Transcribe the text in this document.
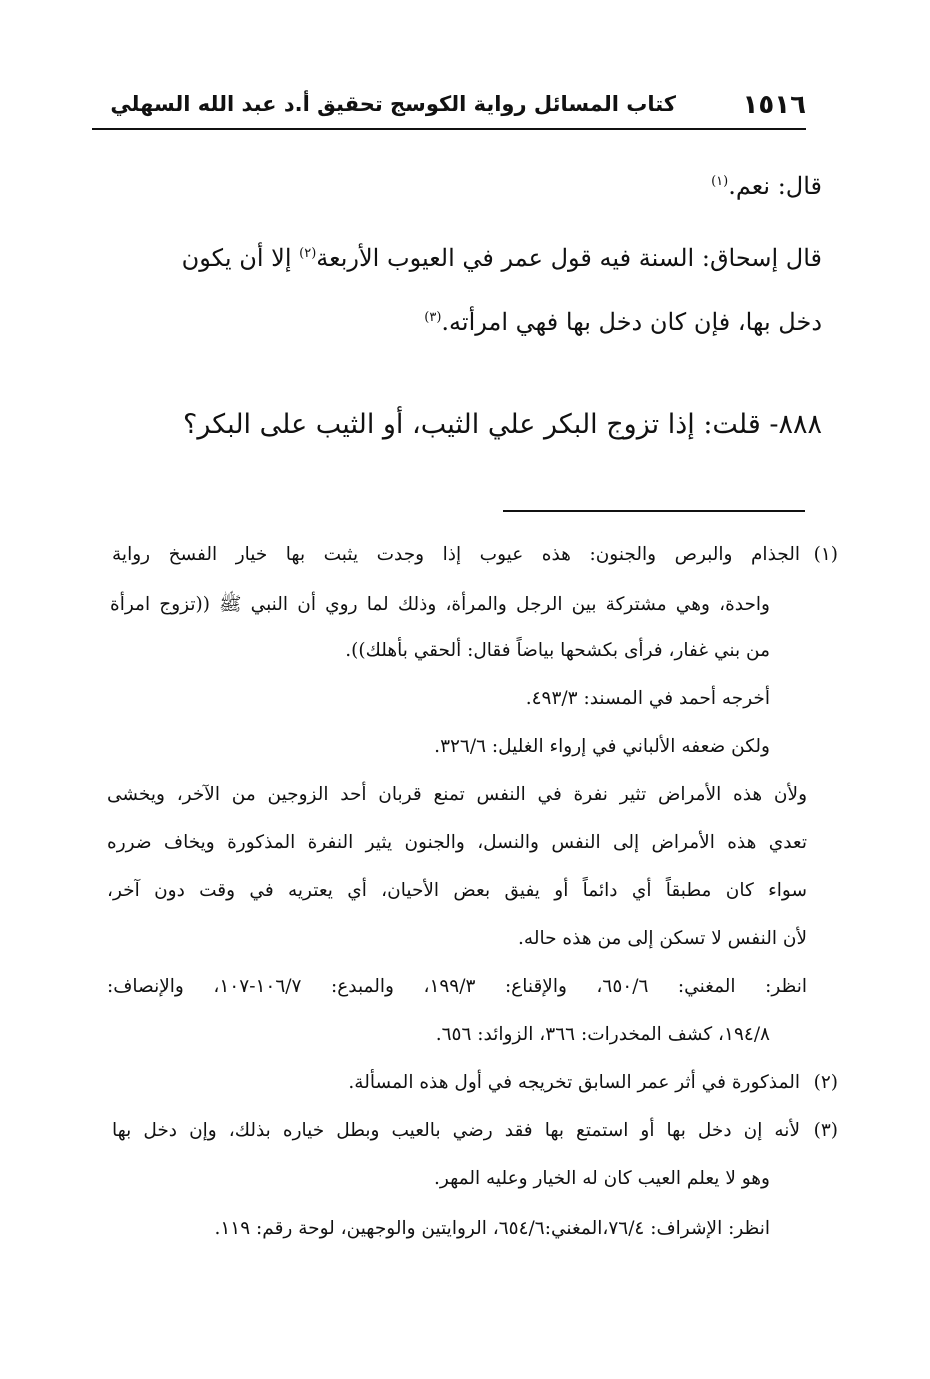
١٥١٦
كتاب المسائل رواية الكوسج تحقيق أ.د عبد الله السهلي
قال: نعم.$^{(١)}$
قال إسحاق: السنة فيه قول عمر في العيوب الأربعة$^{(٢)}$ إلا أن يكون
دخل بها، فإن كان دخل بها فهي امرأته.$^{(٣)}$
٨٨٨- قلت: إذا تزوج البكر علي الثيب، أو الثيب على البكر؟
(١)
الجذام والبرص والجنون: هذه عيوب إذا وجدت يثبت بها خيار الفسخ رواية
واحدة، وهي مشتركة بين الرجل والمرأة، وذلك لما روي أن النبي ﷺ ((تزوج امرأة
من بني غفار، فرأى بكشحها بياضاً فقال: ألحقي بأهلك)).
أخرجه أحمد في المسند: ٤٩٣/٣.
ولكن ضعفه الألباني في إرواء الغليل: ٣٢٦/٦.
ولأن هذه الأمراض تثير نفرة في النفس تمنع قربان أحد الزوجين من الآخر، ويخشى
تعدي هذه الأمراض إلى النفس والنسل، والجنون يثير النفرة المذكورة ويخاف ضرره
سواء كان مطبقاً أي دائماً أو يفيق بعض الأحيان، أي يعتريه في وقت دون آخر،
لأن النفس لا تسكن إلى من هذه حاله.
انظر: المغني: ٦٥٠/٦، والإقناع: ١٩٩/٣، والمبدع: ١٠٦/٧-١٠٧، والإنصاف:
١٩٤/٨، كشف المخدرات: ٣٦٦، الزوائد: ٦٥٦.
(٢)
المذكورة في أثر عمر السابق تخريجه في أول هذه المسألة.
(٣)
لأنه إن دخل بها أو استمتع بها فقد رضي بالعيب وبطل خياره بذلك، وإن دخل بها
وهو لا يعلم العيب كان له الخيار وعليه المهر.
انظر: الإشراف: ٧٦/٤،المغني:٦٥٤/٦، الروايتين والوجهين، لوحة رقم: ١١٩.
